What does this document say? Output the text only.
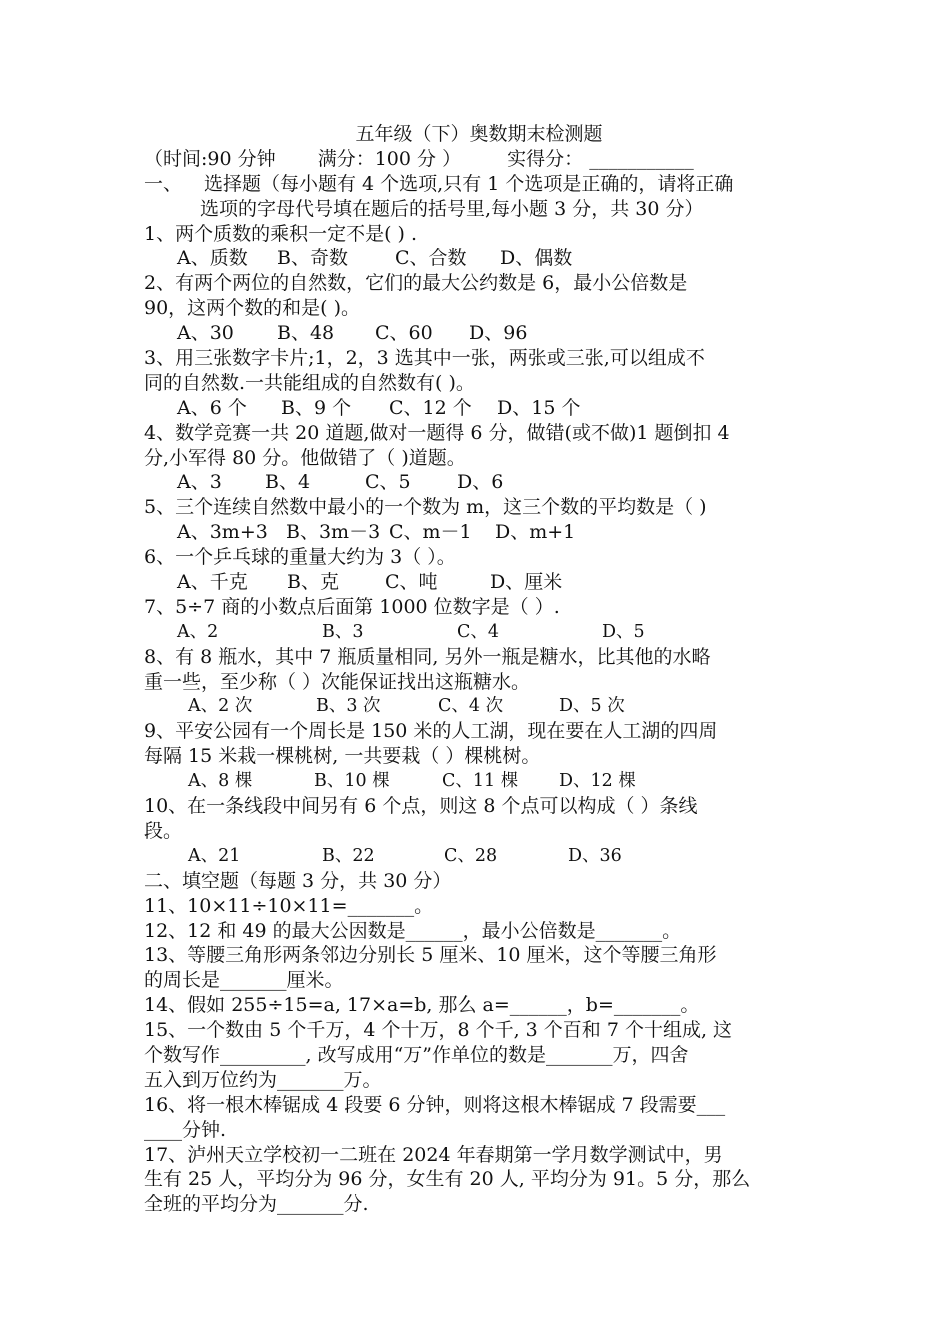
五年级（下）奥数期末检测题
（时间:90 分钟 满分：100 分 ） 实得分： ___________
一、 选择题（每小题有 4 个选项,只有 1 个选项是正确的，请将正确
选项的字母代号填在题后的括号里,每小题 3 分，共 30 分）
1、两个质数的乘积一定不是( ) .
A、质数 B、奇数 C、合数 D、偶数
2、有两个两位的自然数，它们的最大公约数是 6，最小公倍数是
90，这两个数的和是( )。
A、30 B、48 C、60 D、96
3、用三张数字卡片;1，2，3 选其中一张，两张或三张,可以组成不
同的自然数.一共能组成的自然数有( )。
A、6 个 B、9 个 C、12 个 D、15 个
4、数学竞赛一共 20 道题,做对一题得 6 分，做错(或不做)1 题倒扣 4
分,小军得 80 分。他做错了（ )道题。
A、3 B、4	C、5 D、6
5、三个连续自然数中最小的一个数为 m，这三个数的平均数是（ )
A、3m+3 B、3m－3 C、m－1 D、m+1
6、一个乒乓球的重量大约为 3（ ）。
A、千克 B、克 C、吨	D、厘米
7、5÷7 商的小数点后面第 1000 位数字是（ ）.
A、2	B、3	C、4	D、5
8、有 8 瓶水，其中 7 瓶质量相同, 另外一瓶是糖水，比其他的水略
重一些，至少称（ ）次能保证找出这瓶糖水。
A、2 次	B、3 次	C、4 次	D、5 次
9、平安公园有一个周长是 150 米的人工湖，现在要在人工湖的四周
每隔 15 米栽一棵桃树, 一共要栽（ ）棵桃树。
A、8 棵	B、10 棵	C、11 棵 D、12 棵
10、在一条线段中间另有 6 个点，则这 8 个点可以构成（ ）条线
段。
A、21	B、22	C、28	D、36
二、填空题（每题 3 分，共 30 分）
11、10×11÷10×11=_______。
12、12 和 49 的最大公因数是______，最小公倍数是_______。
13、等腰三角形两条邻边分别长 5 厘米、10 厘米，这个等腰三角形
的周长是_______厘米。
14、假如 255÷15=a, 17×a=b, 那么 a=______，b=_______。
15、一个数由 5 个千万，4 个十万，8 个千, 3 个百和 7 个十组成, 这
个数写作_________, 改写成用“万”作单位的数是_______万，四舍
五入到万位约为_______万。
16、将一根木棒锯成 4 段要 6 分钟，则将这根木棒锯成 7 段需要___
____分钟.
17、泸州天立学校初一二班在 2024 年春期第一学月数学测试中，男
生有 25 人，平均分为 96 分，女生有 20 人, 平均分为 91。5 分，那么
全班的平均分为_______分.
